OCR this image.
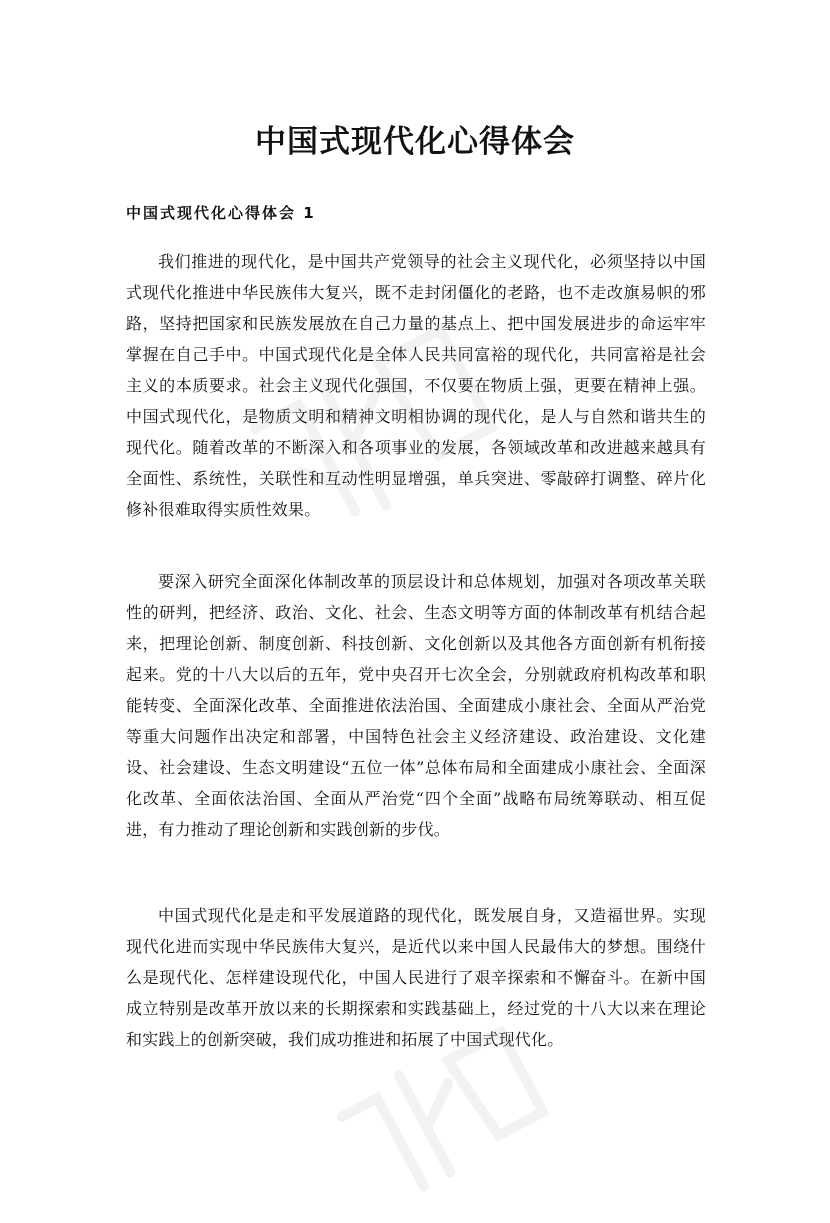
中国式现代化心得体会
中国式现代化心得体会 1

我们推进的现代化，是中国共产党领导的社会主义现代化，必须坚持以中国式现代化推进中华民族伟大复兴，既不走封闭僵化的老路，也不走改旗易帜的邪路，坚持把国家和民族发展放在自己力量的基点上、把中国发展进步的命运牢牢掌握在自己手中。中国式现代化是全体人民共同富裕的现代化，共同富裕是社会主义的本质要求。社会主义现代化强国，不仅要在物质上强，更要在精神上强。中国式现代化，是物质文明和精神文明相协调的现代化，是人与自然和谐共生的现代化。随着改革的不断深入和各项事业的发展，各领域改革和改进越来越具有全面性、系统性，关联性和互动性明显增强，单兵突进、零敲碎打调整、碎片化修补很难取得实质性效果。

要深入研究全面深化体制改革的顶层设计和总体规划，加强对各项改革关联性的研判，把经济、政治、文化、社会、生态文明等方面的体制改革有机结合起来，把理论创新、制度创新、科技创新、文化创新以及其他各方面创新有机衔接起来。党的十八大以后的五年，党中央召开七次全会，分别就政府机构改革和职能转变、全面深化改革、全面推进依法治国、全面建成小康社会、全面从严治党等重大问题作出决定和部署，中国特色社会主义经济建设、政治建设、文化建设、社会建设、生态文明建设“五位一体”总体布局和全面建成小康社会、全面深化改革、全面依法治国、全面从严治党“四个全面”战略布局统筹联动、相互促进，有力推动了理论创新和实践创新的步伐。

中国式现代化是走和平发展道路的现代化，既发展自身，又造福世界。实现现代化进而实现中华民族伟大复兴，是近代以来中国人民最伟大的梦想。围绕什么是现代化、怎样建设现代化，中国人民进行了艰辛探索和不懈奋斗。在新中国成立特别是改革开放以来的长期探索和实践基础上，经过党的十八大以来在理论和实践上的创新突破，我们成功推进和拓展了中国式现代化。
